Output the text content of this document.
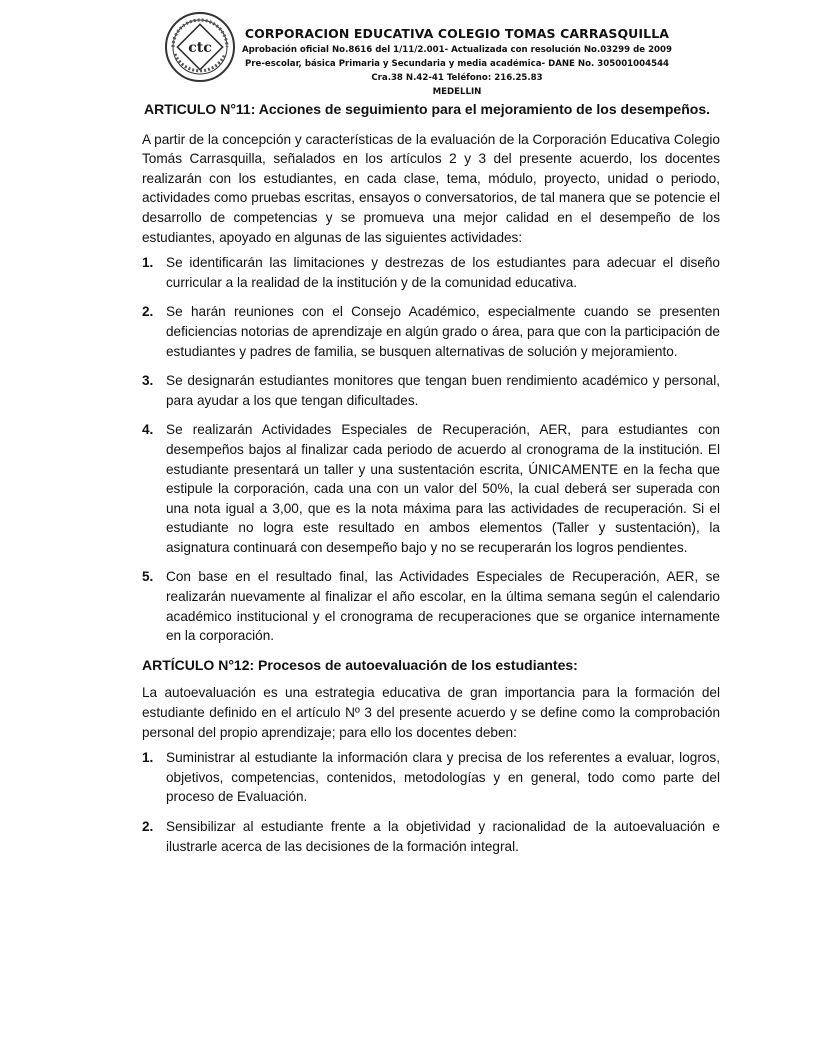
ctc
CORPORACION EDUCATIVA COLEGIO TOMAS CARRASQUILLA
Aprobación oficial No.8616 del 1/11/2.001- Actualizada con resolución No.03299 de 2009
Pre-escolar, básica Primaria y Secundaria y media académica- DANE No. 305001004544
Cra.38 N.42-41 Teléfono: 216.25.83
MEDELLIN
ARTICULO N°11: Acciones de seguimiento para el mejoramiento de los desempeños.
A partir de la concepción y características de la evaluación de la Corporación Educativa Colegio Tomás Carrasquilla, señalados en los artículos 2 y 3 del presente acuerdo, los docentes realizarán con los estudiantes, en cada clase, tema, módulo, proyecto, unidad o periodo, actividades como pruebas escritas, ensayos o conversatorios, de tal manera que se potencie el desarrollo de competencias y se promueva una mejor calidad en el desempeño de los estudiantes, apoyado en algunas de las siguientes actividades:
1. Se identificarán las limitaciones y destrezas de los estudiantes para adecuar el diseño curricular a la realidad de la institución y de la comunidad educativa.
2. Se harán reuniones con el Consejo Académico, especialmente cuando se presenten deficiencias notorias de aprendizaje en algún grado o área, para que con la participación de estudiantes y padres de familia, se busquen alternativas de solución y mejoramiento.
3. Se designarán estudiantes monitores que tengan buen rendimiento académico y personal, para ayudar a los que tengan dificultades.
4. Se realizarán Actividades Especiales de Recuperación, AER, para estudiantes con desempeños bajos al finalizar cada periodo de acuerdo al cronograma de la institución. El estudiante presentará un taller y una sustentación escrita, ÚNICAMENTE en la fecha que estipule la corporación, cada una con un valor del 50%, la cual deberá ser superada con una nota igual a 3,00, que es la nota máxima para las actividades de recuperación. Si el estudiante no logra este resultado en ambos elementos (Taller y sustentación), la asignatura continuará con desempeño bajo y no se recuperarán los logros pendientes.
5. Con base en el resultado final, las Actividades Especiales de Recuperación, AER, se realizarán nuevamente al finalizar el año escolar, en la última semana según el calendario académico institucional y el cronograma de recuperaciones que se organice internamente en la corporación.
ARTÍCULO N°12: Procesos de autoevaluación de los estudiantes:
La autoevaluación es una estrategia educativa de gran importancia para la formación del estudiante definido en el artículo Nº 3 del presente acuerdo y se define como la comprobación personal del propio aprendizaje; para ello los docentes deben:
1. Suministrar al estudiante la información clara y precisa de los referentes a evaluar, logros, objetivos, competencias, contenidos, metodologías y en general, todo como parte del proceso de Evaluación.
2. Sensibilizar al estudiante frente a la objetividad y racionalidad de la autoevaluación e ilustrarle acerca de las decisiones de la formación integral.
